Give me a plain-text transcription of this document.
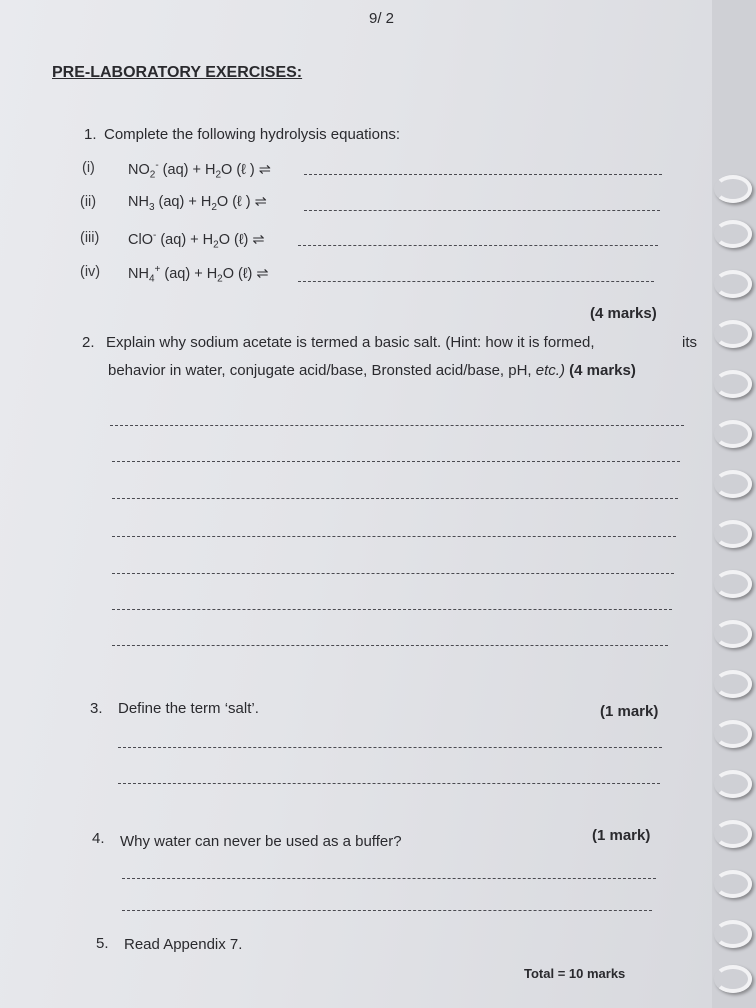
9/ 2
PRE-LABORATORY EXERCISES:
1. Complete the following hydrolysis equations:
(i) $NO_2^-$ $(aq) + H_2O$ (ℓ ) ⇌
(ii) $NH_3$ $(aq) + H_2O$ (ℓ ) ⇌
(iii) ClO- $(aq) + H_2O$ (ℓ) ⇌
(iv) $NH_4^+$ $(aq) + H_2O$ (ℓ) ⇌
(4 marks)
2. Explain why sodium acetate is termed a basic salt. (Hint: how it is formed,	its
behavior in water, conjugate acid/base, Bronsted acid/base, pH, etc.) (4 marks)
3. Define the term ‘salt’.	(1 mark)
4. Why water can never be used as a buffer?	(1 mark)
5. Read Appendix 7.
Total = 10 marks
